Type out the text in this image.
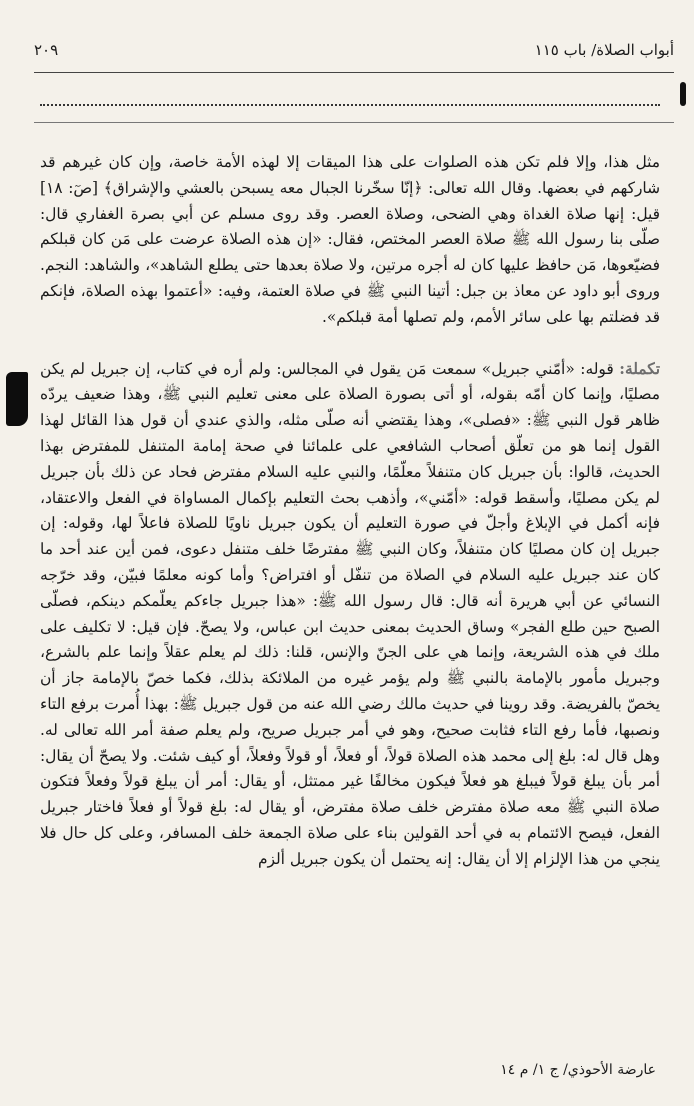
٢٠٩	أبواب الصلاة/ باب ١١٥

مثل هذا، وإلا فلم تكن هذه الصلوات على هذا الميقات إلا لهذه الأمة خاصة، وإن كان غيرهم قد شاركهم في بعضها. وقال الله تعالى: ﴿إنّا سخّرنا الجبال معه يسبحن بالعشي والإشراق﴾ [صٓ: ١٨] قيل: إنها صلاة الغداة وهي الضحى، وصلاة العصر. وقد روى مسلم عن أبي بصرة الغفاري قال: صلّى بنا رسول الله ﷺ صلاة العصر المختص، فقال: «إن هذه الصلاة عرضت على مَن كان قبلكم فضيّعوها، مَن حافظ عليها كان له أجره مرتين، ولا صلاة بعدها حتى يطلع الشاهد»، والشاهد: النجم. وروى أبو داود عن معاذ بن جبل: أتينا النبي ﷺ في صلاة العتمة، وفيه: «أعتموا بهذه الصلاة، فإنكم قد فضلتم بها على سائر الأمم، ولم تصلها أمة قبلكم».

تكملة: قوله: «أمّني جبريل» سمعت مَن يقول في المجالس: ولم أره في كتاب، إن جبريل لم يكن مصليًا، وإنما كان أمّه بقوله، أو أتى بصورة الصلاة على معنى تعليم النبي ﷺ، وهذا ضعيف يردّه ظاهر قول النبي ﷺ: «فصلى»، وهذا يقتضي أنه صلّى مثله، والذي عندي أن قول هذا القائل لهذا القول إنما هو من تعلّق أصحاب الشافعي على علمائنا في صحة إمامة المتنفل للمفترض بهذا الحديث، قالوا: بأن جبريل كان متنفلاً معلّمًا، والنبي عليه السلام مفترض فحاد عن ذلك بأن جبريل لم يكن مصليًا، وأسقط قوله: «أمّني»، وأذهب بحث التعليم بإكمال المساواة في الفعل والاعتقاد، فإنه أكمل في الإبلاغ وأجلّ في صورة التعليم أن يكون جبريل ناويًا للصلاة فاعلاً لها، وقوله: إن جبريل إن كان مصليًا كان متنفلاً، وكان النبي ﷺ مفترضًا خلف متنفل دعوى، فمن أين عند أحد ما كان عند جبريل عليه السلام في الصلاة من تنفّل أو افتراض؟ وأما كونه معلمًا فبيّن، وقد خرّجه النسائي عن أبي هريرة أنه قال: قال رسول الله ﷺ: «هذا جبريل جاءكم يعلّمكم دينكم، فصلّى الصبح حين طلع الفجر» وساق الحديث بمعنى حديث ابن عباس، ولا يصحّ. فإن قيل: لا تكليف على ملك في هذه الشريعة، وإنما هي على الجنّ والإنس، قلنا: ذلك لم يعلم عقلاً وإنما علم بالشرع، وجبريل مأمور بالإمامة بالنبي ﷺ ولم يؤمر غيره من الملائكة بذلك، فكما خصّ بالإمامة جاز أن يخصّ بالفريضة. وقد روينا في حديث مالك رضي الله عنه من قول جبريل ﷺ: بهذا أُمرت برفع التاء ونصبها، فأما رفع التاء فثابت صحيح، وهو في أمر جبريل صريح، ولم يعلم صفة أمر الله تعالى له. وهل قال له: بلغ إلى محمد هذه الصلاة قولاً، أو فعلاً، أو قولاً وفعلاً، أو كيف شئت. ولا يصحّ أن يقال: أمر بأن يبلغ قولاً فيبلغ هو فعلاً فيكون مخالفًا غير ممتثل، أو يقال: أمر أن يبلغ قولاً وفعلاً فتكون صلاة النبي ﷺ معه صلاة مفترض خلف صلاة مفترض، أو يقال له: بلغ قولاً أو فعلاً فاختار جبريل الفعل، فيصح الائتمام به في أحد القولين بناء على صلاة الجمعة خلف المسافر، وعلى كل حال فلا ينجي من هذا الإلزام إلا أن يقال: إنه يحتمل أن يكون جبريل ألزم

عارضة الأحوذي/ ج ١/ م ١٤
